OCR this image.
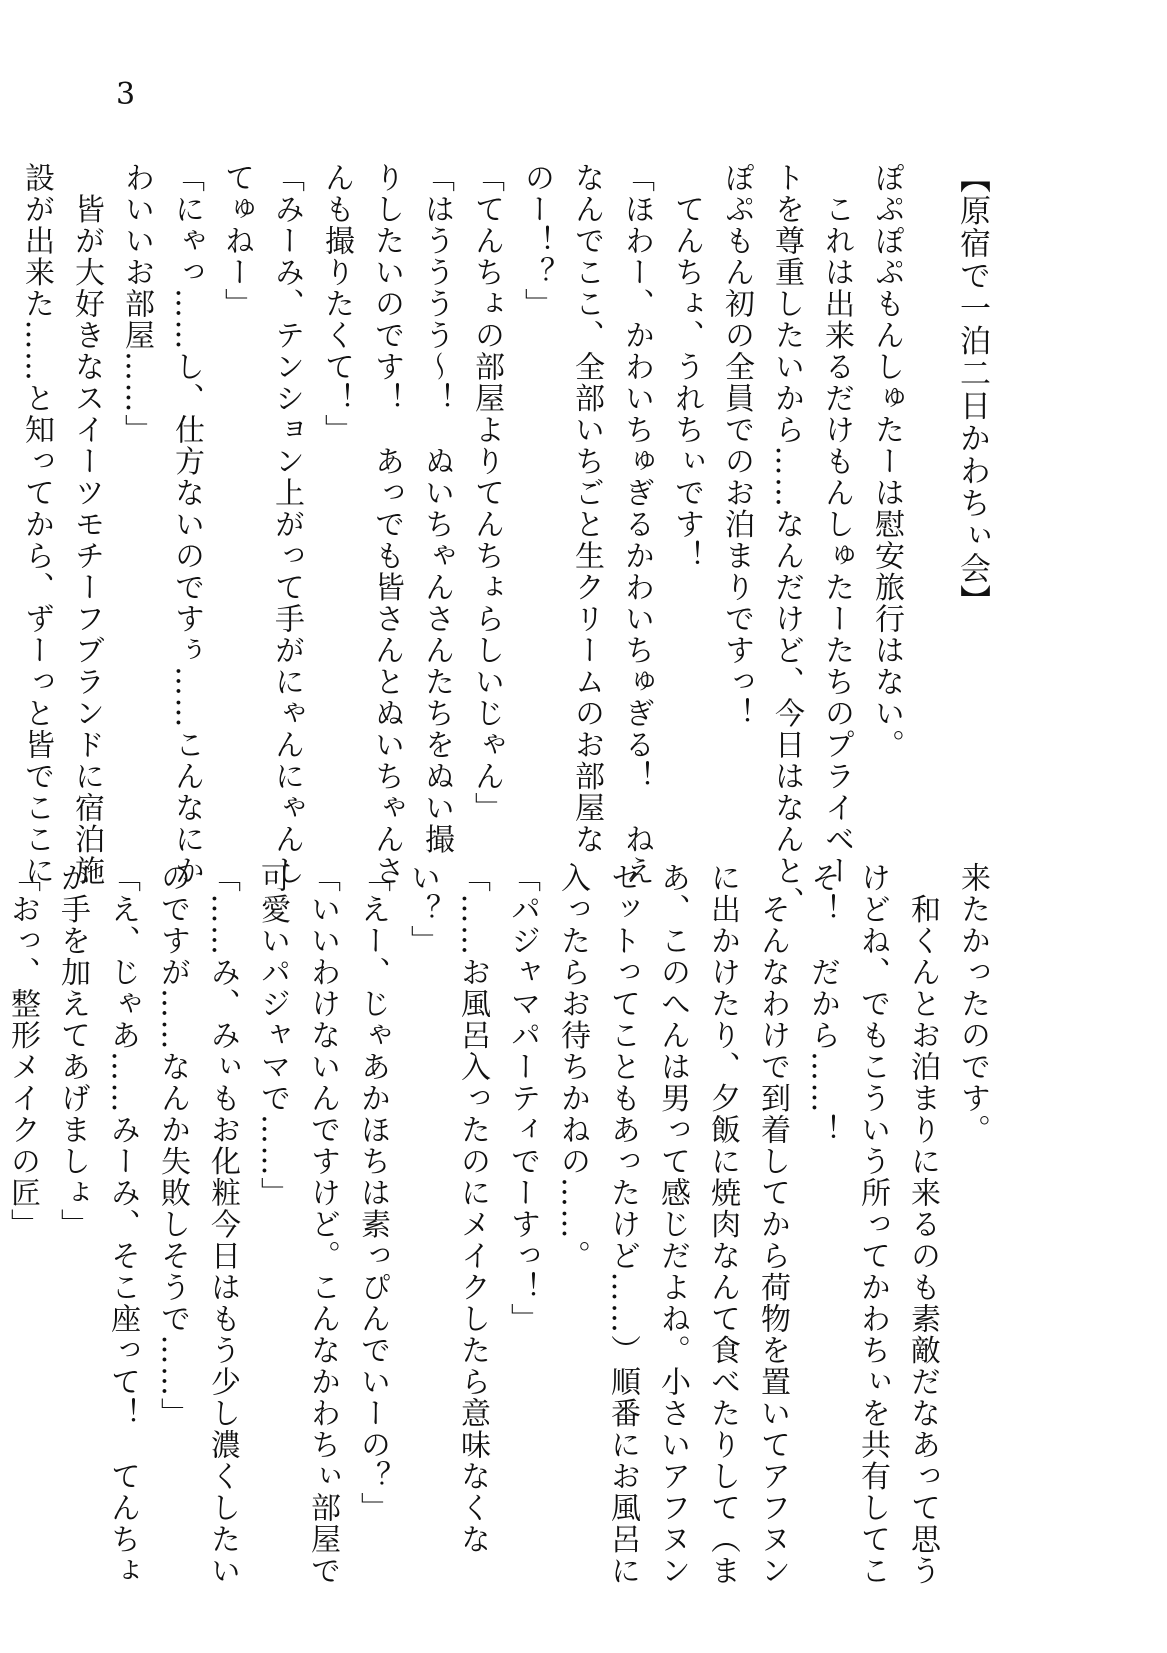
3
【原宿で一泊二日かわちぃ会】
ぽぷぽぷもんしゅたーは慰安旅行はない。
　これは出来るだけもんしゅたーたちのプライベー
トを尊重したいから……なんだけど、今日はなんと、
ぽぷもん初の全員でのお泊まりですっ！
　てんちょ、うれちぃです！
「ほわー、かわいちゅぎるかわいちゅぎる！　ねえ
なんでここ、全部いちごと生クリームのお部屋な
のー！？」
「てんちょの部屋よりてんちょらしいじゃん」
「はうううう〜！　ぬいちゃんさんたちをぬい撮
りしたいのです！　あっでも皆さんとぬいちゃんさ
んも撮りたくて！」
「みーみ、テンション上がって手がにゃんにゃんし
てゅねー」
「にゃっ……し、仕方ないのですぅ……こんなにか
わいいお部屋……」
　皆が大好きなスイーツモチーフブランドに宿泊施
設が出来た……と知ってから、ずーっと皆でここに
来たかったのです。
　和くんとお泊まりに来るのも素敵だなあって思う
けどね、でもこういう所ってかわちぃを共有してこ
そ！　だから……！
　そんなわけで到着してから荷物を置いてアフヌン
に出かけたり、夕飯に焼肉なんて食べたりして（ま
あ、このへんは男って感じだよね。小さいアフヌン
セットってこともあったけど……）順番にお風呂に
入ったらお待ちかねの……。
「パジャマパーティでーすっ！」
「……お風呂入ったのにメイクしたら意味なくな
い？」
「えー、じゃあかほちは素っぴんでいーの？」
「いいわけないんですけど。こんなかわちぃ部屋で
可愛いパジャマで……」
「……み、みぃもお化粧今日はもう少し濃くしたい
のですが……なんか失敗しそうで……」
「え、じゃあ……みーみ、そこ座って！　てんちょ
が手を加えてあげましょ」
「おっ、整形メイクの匠」
